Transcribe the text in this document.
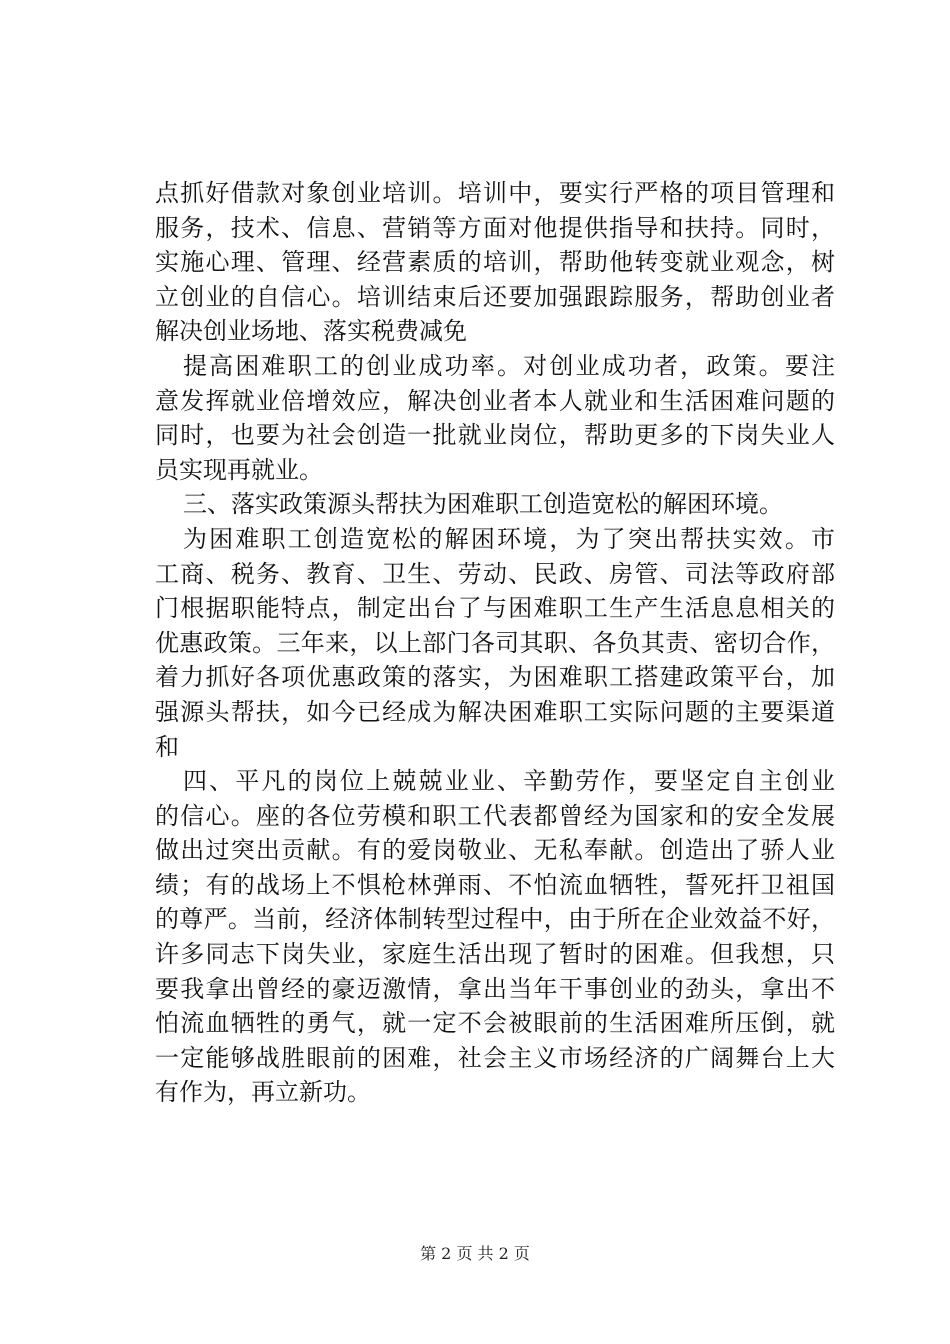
点抓好借款对象创业培训。培训中，要实行严格的项目管理和
服务，技术、信息、营销等方面对他提供指导和扶持。同时，
实施心理、管理、经营素质的培训，帮助他转变就业观念，树
立创业的自信心。培训结束后还要加强跟踪服务，帮助创业者
解决创业场地、落实税费减免
提高困难职工的创业成功率。对创业成功者，政策。要注
意发挥就业倍增效应，解决创业者本人就业和生活困难问题的
同时，也要为社会创造一批就业岗位，帮助更多的下岗失业人
员实现再就业。
三、落实政策源头帮扶为困难职工创造宽松的解困环境。
为困难职工创造宽松的解困环境，为了突出帮扶实效。市
工商、税务、教育、卫生、劳动、民政、房管、司法等政府部
门根据职能特点，制定出台了与困难职工生产生活息息相关的
优惠政策。三年来，以上部门各司其职、各负其责、密切合作，
着力抓好各项优惠政策的落实，为困难职工搭建政策平台，加
强源头帮扶，如今已经成为解决困难职工实际问题的主要渠道
和
四、平凡的岗位上兢兢业业、辛勤劳作，要坚定自主创业
的信心。座的各位劳模和职工代表都曾经为国家和的安全发展
做出过突出贡献。有的爱岗敬业、无私奉献。创造出了骄人业
绩；有的战场上不惧枪林弹雨、不怕流血牺牲，誓死扞卫祖国
的尊严。当前，经济体制转型过程中，由于所在企业效益不好，
许多同志下岗失业，家庭生活出现了暂时的困难。但我想，只
要我拿出曾经的豪迈激情，拿出当年干事创业的劲头，拿出不
怕流血牺牲的勇气，就一定不会被眼前的生活困难所压倒，就
一定能够战胜眼前的困难，社会主义市场经济的广阔舞台上大
有作为，再立新功。
第 2 页 共 2 页
